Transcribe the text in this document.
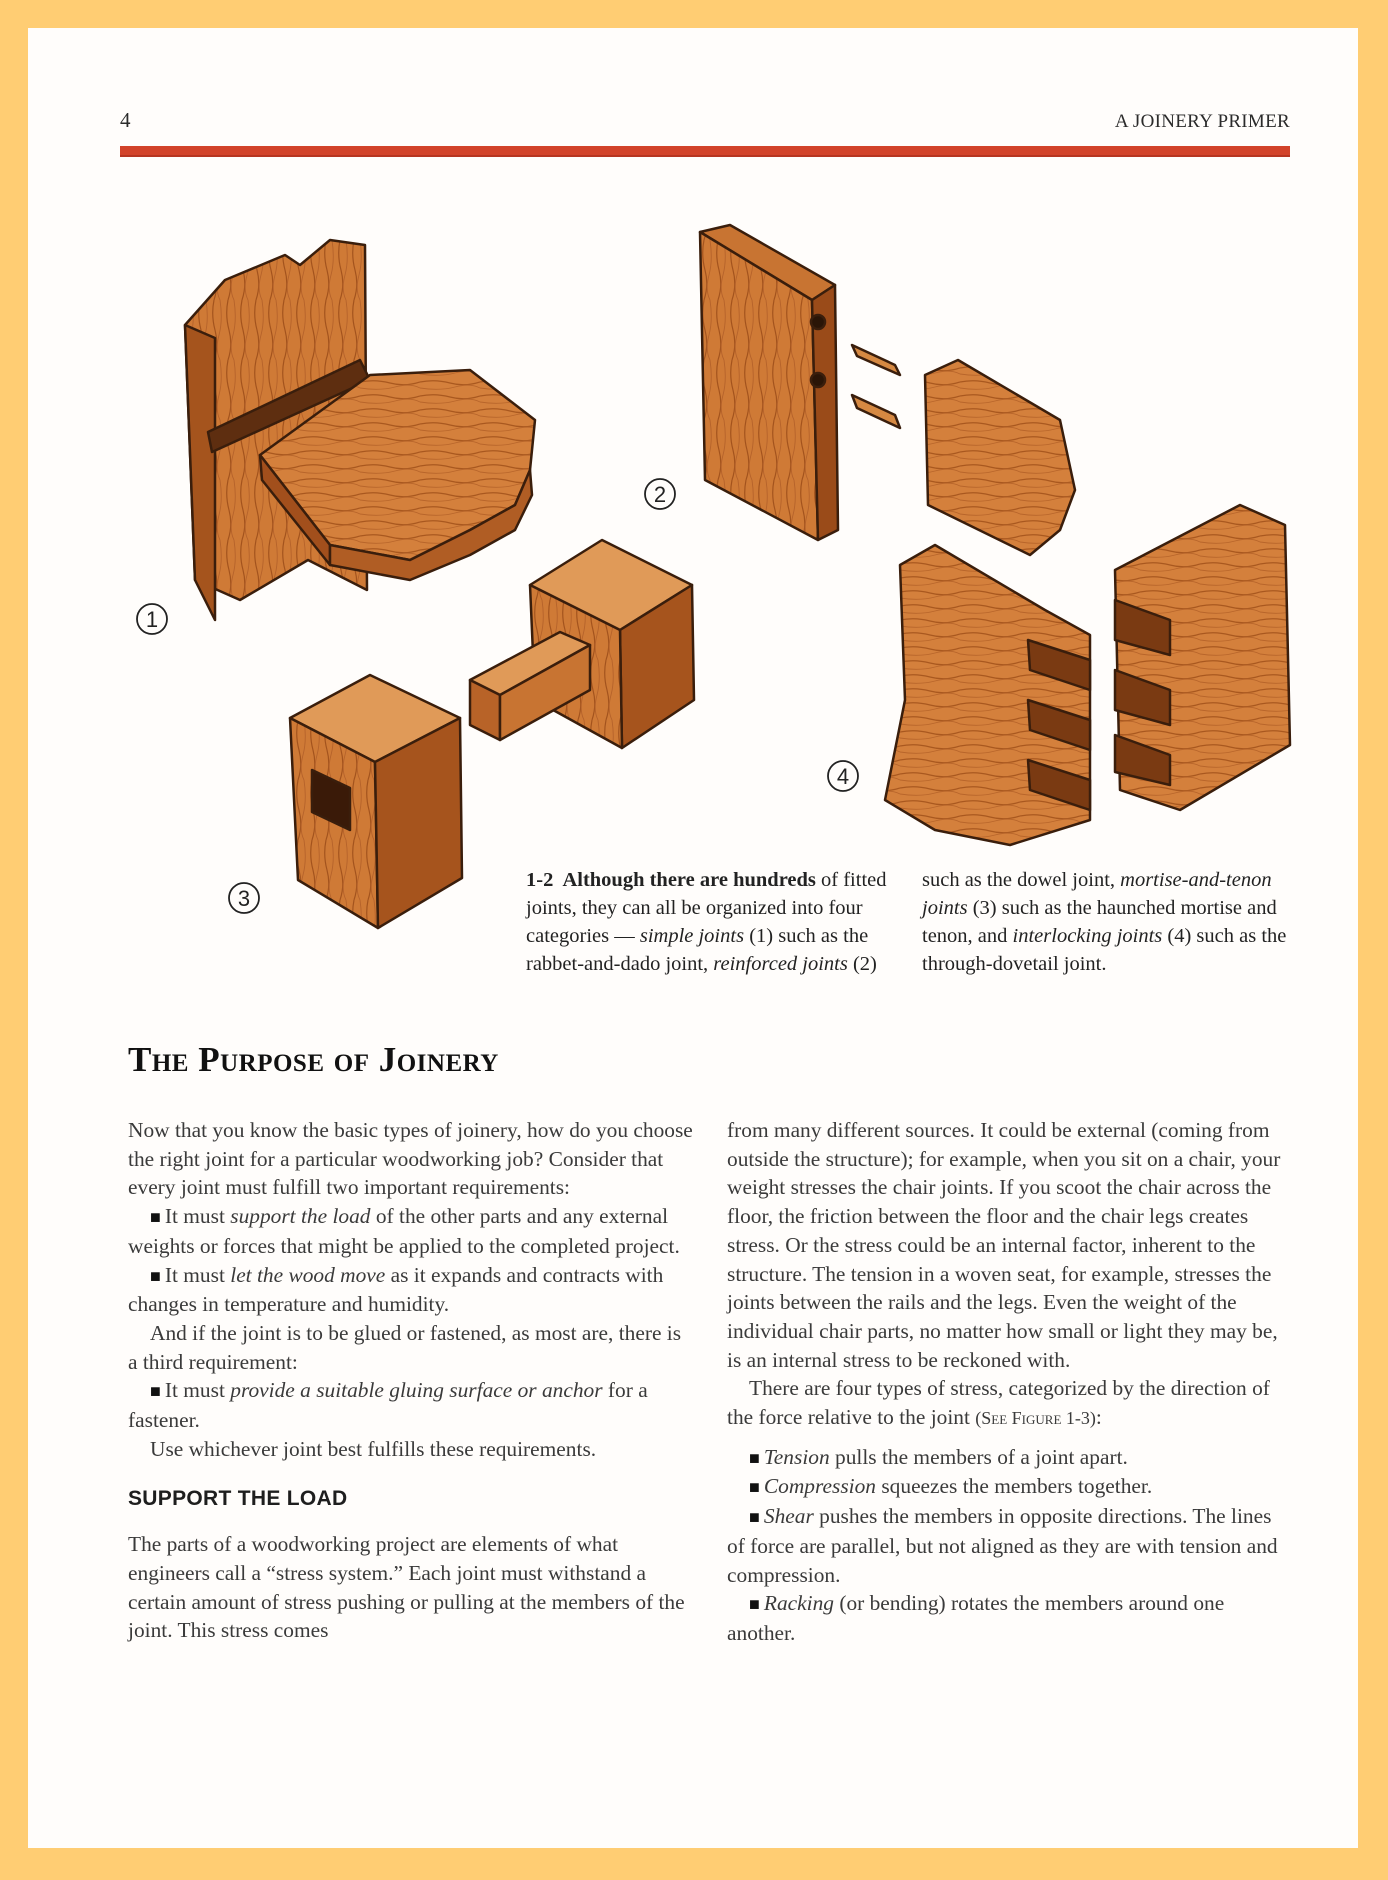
4	A JOINERY PRIMER
1
2
3
4
1-2 Although there are hundreds of fitted joints, they can all be organized into four categories — simple joints (1) such as the rabbet-and-dado joint, reinforced joints (2)
such as the dowel joint, mortise-and-tenon joints (3) such as the haunched mortise and tenon, and interlocking joints (4) such as the through-dovetail joint.
The Purpose of Joinery

Now that you know the basic types of joinery, how do you choose the right joint for a particular woodworking job? Consider that every joint must fulfill two important requirements:

■ It must support the load of the other parts and any external weights or forces that might be applied to the completed project.

■ It must let the wood move as it expands and contracts with changes in temperature and humidity.

And if the joint is to be glued or fastened, as most are, there is a third requirement:

■ It must provide a suitable gluing surface or anchor for a fastener.

Use whichever joint best fulfills these requirements.

SUPPORT THE LOAD

The parts of a woodworking project are elements of what engineers call a “stress system.” Each joint must withstand a certain amount of stress pushing or pulling at the members of the joint. This stress comes

from many different sources. It could be external (coming from outside the structure); for example, when you sit on a chair, your weight stresses the chair joints. If you scoot the chair across the floor, the friction between the floor and the chair legs creates stress. Or the stress could be an internal factor, inherent to the structure. The tension in a woven seat, for example, stresses the joints between the rails and the legs. Even the weight of the individual chair parts, no matter how small or light they may be, is an internal stress to be reckoned with.

There are four types of stress, categorized by the direction of the force relative to the joint (See Figure 1-3):

■ Tension pulls the members of a joint apart.

■ Compression squeezes the members together.

■ Shear pushes the members in opposite directions. The lines of force are parallel, but not aligned as they are with tension and compression.

■ Racking (or bending) rotates the members around one another.
